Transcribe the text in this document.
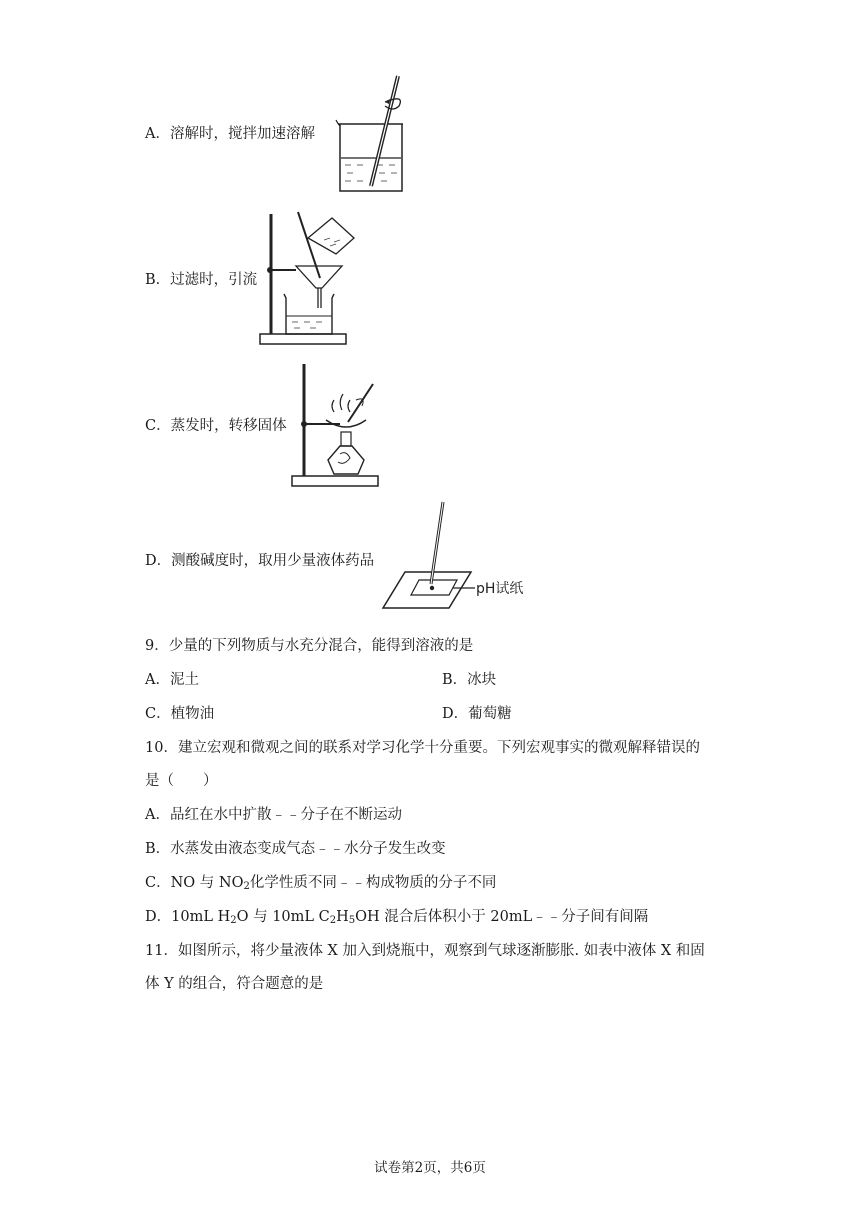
A．溶解时，搅拌加速溶解
B．过滤时，引流
C．蒸发时，转移固体
D．测酸碱度时，取用少量液体药品
pH试纸
9．少量的下列物质与水充分混合，能得到溶液的是
A．泥土	B．冰块
C．植物油	D．葡萄糖
10．建立宏观和微观之间的联系对学习化学十分重要。下列宏观事实的微观解释错误的
是（　　）
A．品红在水中扩散﹣﹣分子在不断运动
B．水蒸发由液态变成气态﹣﹣水分子发生改变
C．NO 与 $NO_2$化学性质不同﹣﹣构成物质的分子不同
D．10mL $H_2O$ 与 10mL $C_2H_5OH$ 混合后体积小于 20mL﹣﹣分子间有间隔
11．如图所示，将少量液体 X 加入到烧瓶中，观察到气球逐渐膨胀. 如表中液体 X 和固
体 Y 的组合，符合题意的是
试卷第2页，共6页
